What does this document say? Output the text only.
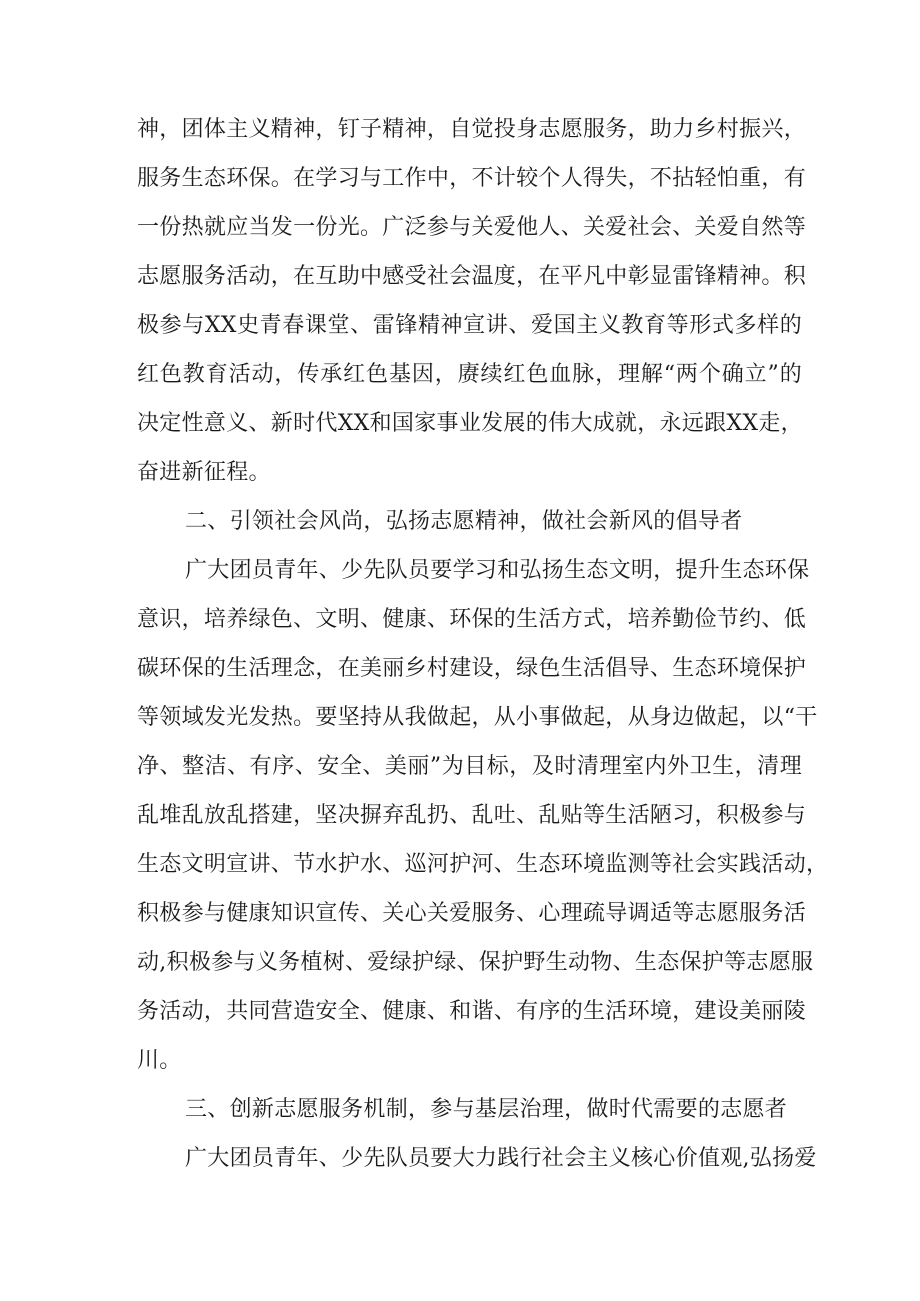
神，团体主义精神，钉子精神，自觉投身志愿服务，助力乡村振兴，

服务生态环保。在学习与工作中，不计较个人得失，不拈轻怕重，有

一份热就应当发一份光。广泛参与关爱他人、关爱社会、关爱自然等

志愿服务活动，在互助中感受社会温度，在平凡中彰显雷锋精神。积

极参与XX史青春课堂、雷锋精神宣讲、爱国主义教育等形式多样的

红色教育活动，传承红色基因，赓续红色血脉，理解“两个确立”的

决定性意义、新时代XX和国家事业发展的伟大成就，永远跟XX走，

奋进新征程。

二、引领社会风尚，弘扬志愿精神，做社会新风的倡导者

广大团员青年、少先队员要学习和弘扬生态文明，提升生态环保

意识，培养绿色、文明、健康、环保的生活方式，培养勤俭节约、低

碳环保的生活理念，在美丽乡村建设，绿色生活倡导、生态环境保护

等领域发光发热。要坚持从我做起，从小事做起，从身边做起，以“干

净、整洁、有序、安全、美丽”为目标，及时清理室内外卫生，清理

乱堆乱放乱搭建，坚决摒弃乱扔、乱吐、乱贴等生活陋习，积极参与

生态文明宣讲、节水护水、巡河护河、生态环境监测等社会实践活动，

积极参与健康知识宣传、关心关爱服务、心理疏导调适等志愿服务活

动,积极参与义务植树、爱绿护绿、保护野生动物、生态保护等志愿服

务活动，共同营造安全、健康、和谐、有序的生活环境，建设美丽陵

川。

三、创新志愿服务机制，参与基层治理，做时代需要的志愿者

广大团员青年、少先队员要大力践行社会主义核心价值观,弘扬爱
